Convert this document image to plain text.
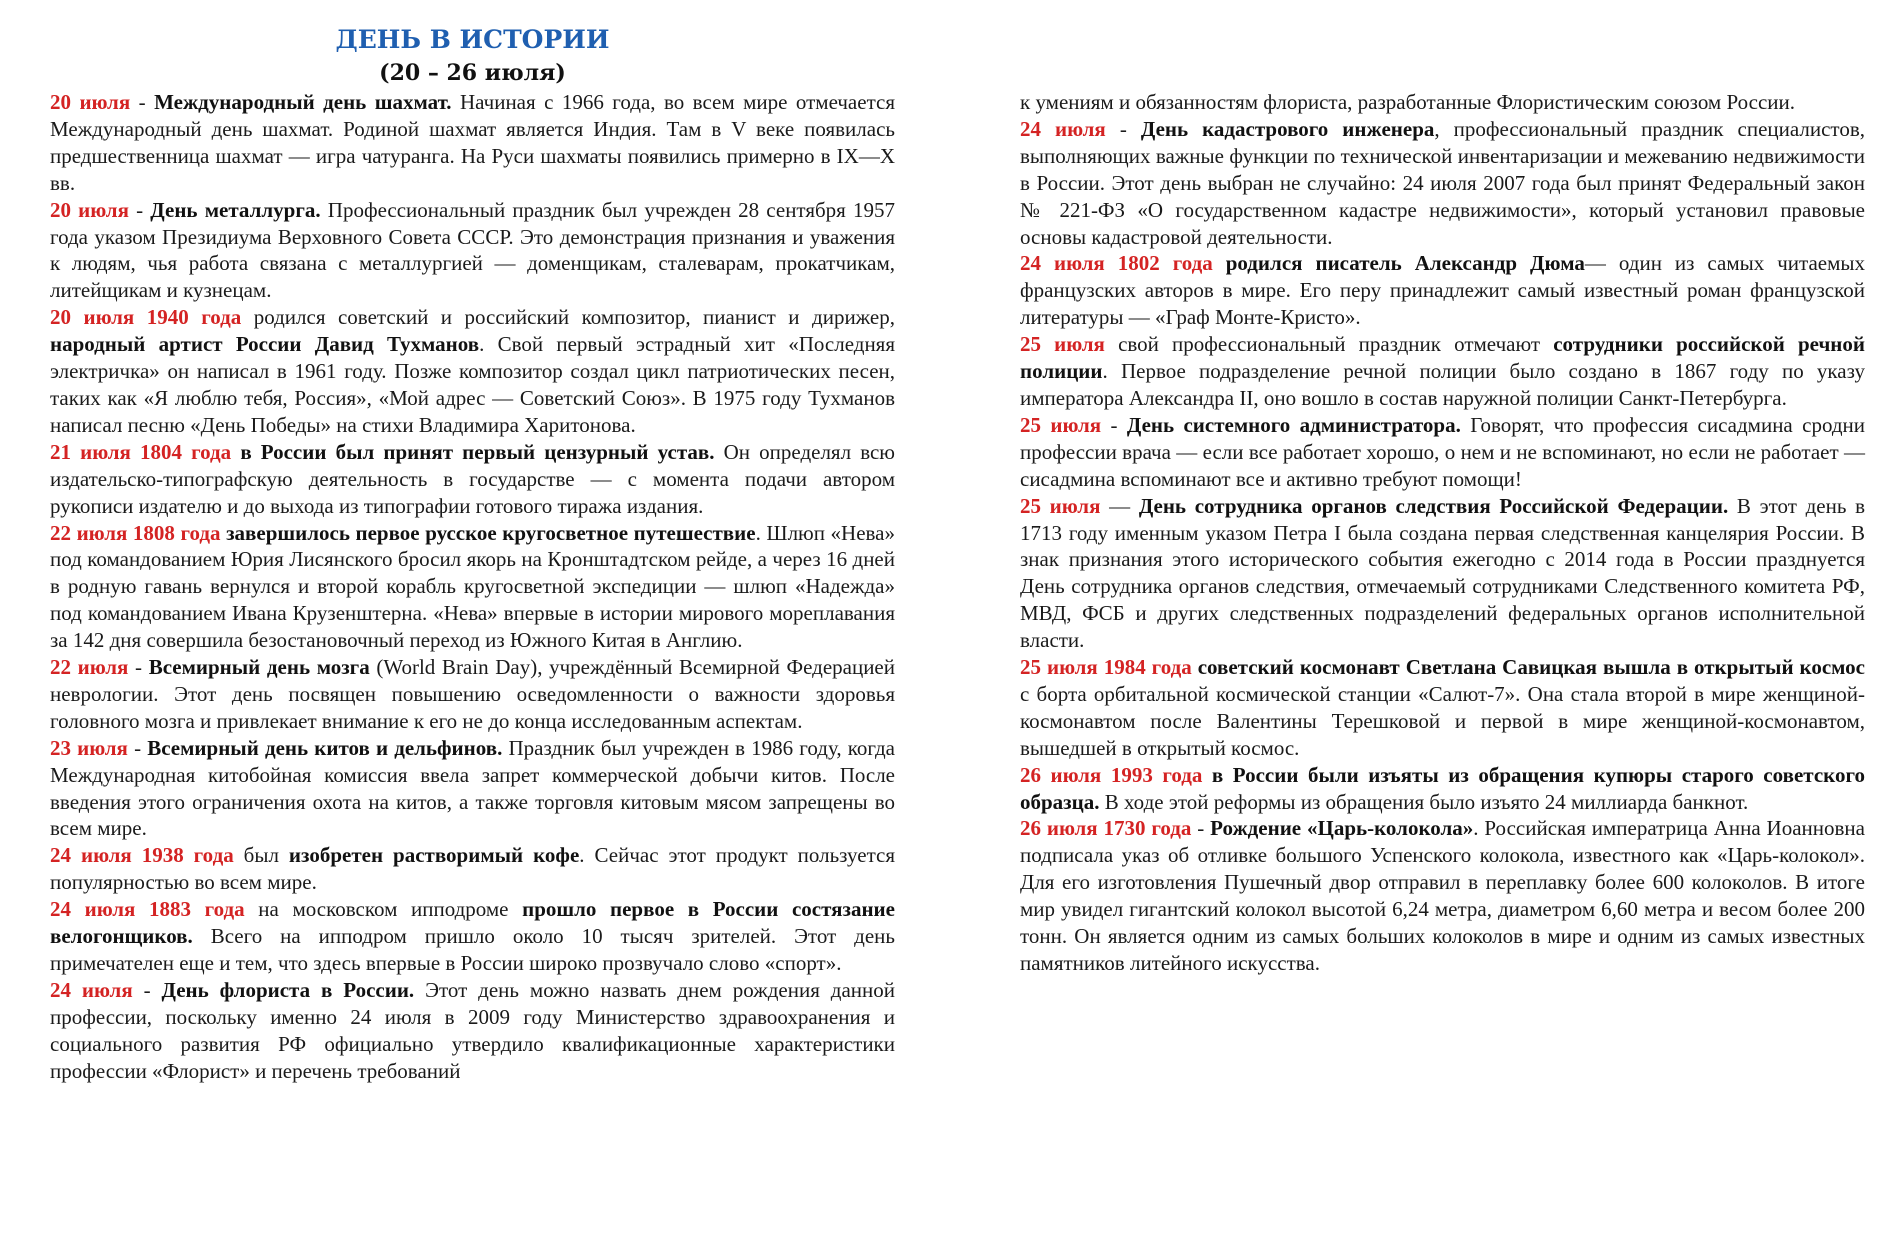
ДЕНЬ В ИСТОРИИ
(20 – 26 июля)

20 июля - Международный день шахмат. Начиная с 1966 года, во всем мире отмечается Международный день шахмат. Родиной шахмат является Индия. Там в V веке появилась предшественница шахмат — игра чатуранга. На Руси шахматы появились примерно в IX—X вв.

20 июля - День металлурга. Профессиональный праздник был учрежден 28 сентября 1957 года указом Президиума Верховного Совета СССР. Это демонстрация признания и уважения к людям, чья работа связана с металлургией — доменщикам, сталеварам, прокатчикам, литейщикам и кузнецам.

20 июля 1940 года родился советский и российский композитор, пианист и дирижер, народный артист России Давид Тухманов. Свой первый эстрадный хит «Последняя электричка» он написал в 1961 году. Позже композитор создал цикл патриотических песен, таких как «Я люблю тебя, Россия», «Мой адрес — Советский Союз». В 1975 году Тухманов написал песню «День Победы» на стихи Владимира Харитонова.

21 июля 1804 года в России был принят первый цензурный устав. Он определял всю издательско-типографскую деятельность в государстве — с момента подачи автором рукописи издателю и до выхода из типографии готового тиража издания.

22 июля 1808 года завершилось первое русское кругосветное путешествие. Шлюп «Нева» под командованием Юрия Лисянского бросил якорь на Кронштадтском рейде, а через 16 дней в родную гавань вернулся и второй корабль кругосветной экспедиции — шлюп «Надежда» под командованием Ивана Крузенштерна. «Нева» впервые в истории мирового мореплавания за 142 дня совершила безостановочный переход из Южного Китая в Англию.

22 июля - Всемирный день мозга (World Brain Day), учреждённый Всемирной Федерацией неврологии. Этот день посвящен повышению осведомленности о важности здоровья головного мозга и привлекает внимание к его не до конца исследованным аспектам.

23 июля - Всемирный день китов и дельфинов. Праздник был учрежден в 1986 году, когда Международная китобойная комиссия ввела запрет коммерческой добычи китов. После введения этого ограничения охота на китов, а также торговля китовым мясом запрещены во всем мире.

24 июля 1938 года был изобретен растворимый кофе. Сейчас этот продукт пользуется популярностью во всем мире.

24 июля 1883 года на московском ипподроме прошло первое в России состязание велогонщиков. Всего на ипподром пришло около 10 тысяч зрителей. Этот день примечателен еще и тем, что здесь впервые в России широко прозвучало слово «спорт».

24 июля - День флориста в России. Этот день можно назвать днем рождения данной профессии, поскольку именно 24 июля в 2009 году Министерство здравоохранения и социального развития РФ официально утвердило квалификационные характеристики профессии «Флорист» и перечень требований

к умениям и обязанностям флориста, разработанные Флористическим союзом России.

24 июля - День кадастрового инженера, профессиональный праздник специалистов, выполняющих важные функции по технической инвентаризации и межеванию недвижимости в России. Этот день выбран не случайно: 24 июля 2007 года был принят Федеральный закон № 221-ФЗ «О государственном кадастре недвижимости», который установил правовые основы кадастровой деятельности.

24 июля 1802 года родился писатель Александр Дюма— один из самых читаемых французских авторов в мире. Его перу принадлежит самый известный роман французской литературы — «Граф Монте-Кристо».

25 июля свой профессиональный праздник отмечают сотрудники российской речной полиции. Первое подразделение речной полиции было создано в 1867 году по указу императора Александра II, оно вошло в состав наружной полиции Санкт-Петербурга.

25 июля - День системного администратора. Говорят, что профессия сисадмина сродни профессии врача — если все работает хорошо, о нем и не вспоминают, но если не работает — сисадмина вспоминают все и активно требуют помощи!

25 июля — День сотрудника органов следствия Российской Федерации. В этот день в 1713 году именным указом Петра I была создана первая следственная канцелярия России. В знак признания этого исторического события ежегодно с 2014 года в России празднуется День сотрудника органов следствия, отмечаемый сотрудниками Следственного комитета РФ, МВД, ФСБ и других следственных подразделений федеральных органов исполнительной власти.

25 июля 1984 года советский космонавт Светлана Савицкая вышла в открытый космос с борта орбитальной космической станции «Салют-7». Она стала второй в мире женщиной-космонавтом после Валентины Терешковой и первой в мире женщиной-космонавтом, вышедшей в открытый космос.

26 июля 1993 года в России были изъяты из обращения купюры старого советского образца. В ходе этой реформы из обращения было изъято 24 миллиарда банкнот.

26 июля 1730 года - Рождение «Царь-колокола». Российская императрица Анна Иоанновна подписала указ об отливке большого Успенского колокола, известного как «Царь-колокол». Для его изготовления Пушечный двор отправил в переплавку более 600 колоколов. В итоге мир увидел гигантский колокол высотой 6,24 метра, диаметром 6,60 метра и весом более 200 тонн. Он является одним из самых больших колоколов в мире и одним из самых известных памятников литейного искусства.
